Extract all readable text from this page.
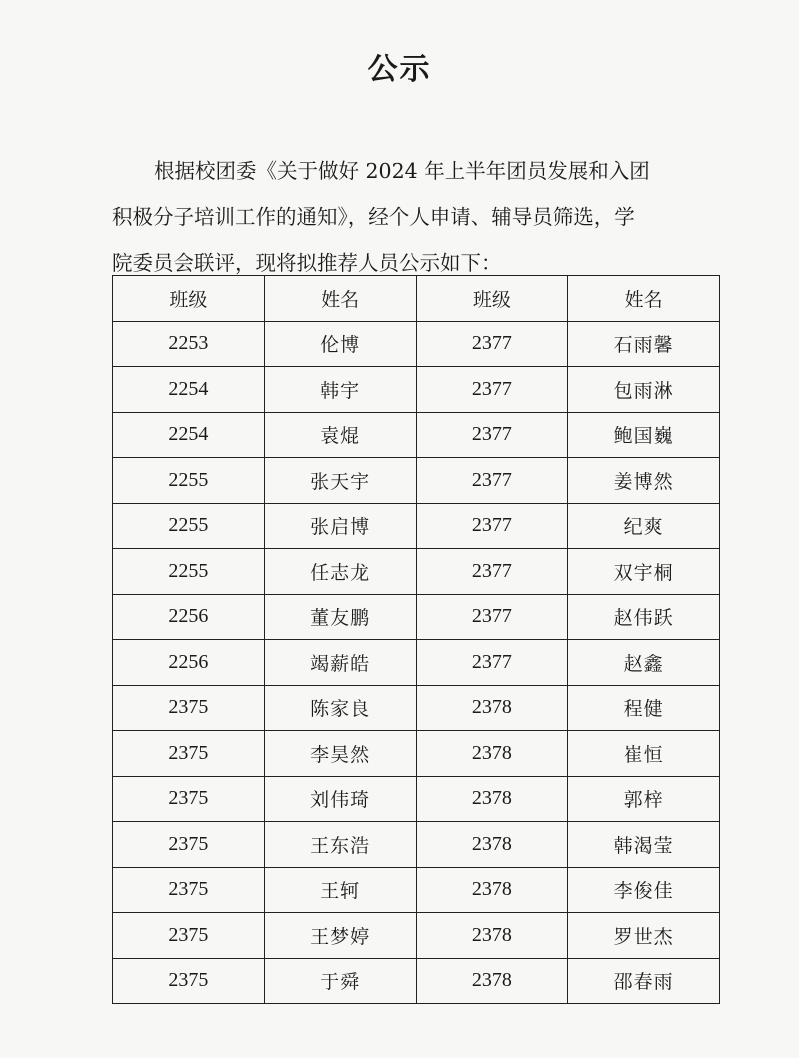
公示
根据校团委《关于做好 2024 年上半年团员发展和入团
积极分子培训工作的通知》，经个人申请、辅导员筛选，学
院委员会联评，现将拟推荐人员公示如下：
班级	姓名	班级	姓名
2253	伦博	2377	石雨馨
2254	韩宇	2377	包雨淋
2254	袁焜	2377	鲍国巍
2255	张天宇	2377	姜博然
2255	张启博	2377	纪爽
2255	任志龙	2377	双宇桐
2256	董友鹏	2377	赵伟跃
2256	竭薪皓	2377	赵鑫
2375	陈家良	2378	程健
2375	李昊然	2378	崔恒
2375	刘伟琦	2378	郭梓
2375	王东浩	2378	韩渴莹
2375	王轲	2378	李俊佳
2375	王梦婷	2378	罗世杰
2375	于舜	2378	邵春雨
